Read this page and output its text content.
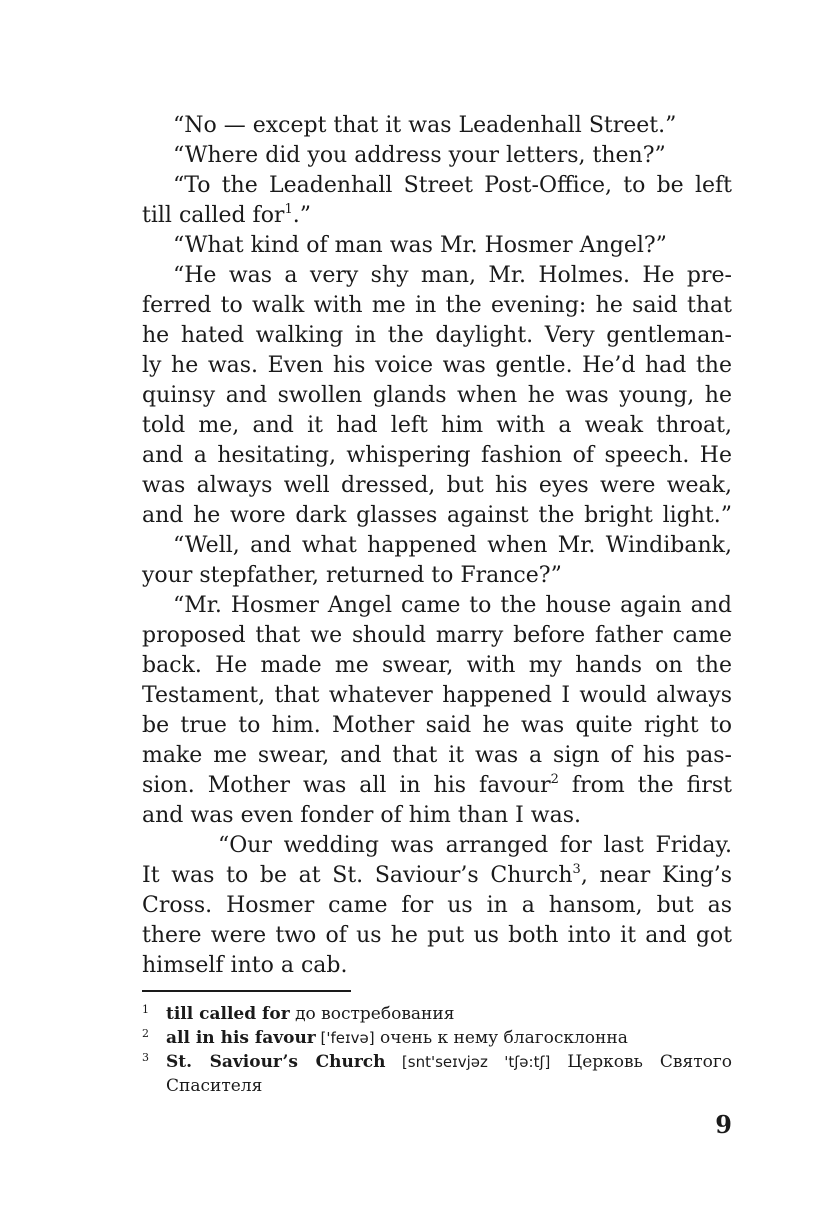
“No — except that it was Leadenhall Street.”
“Where did you address your letters, then?”
“To the Leadenhall Street Post-Office, to be left
till called for$^1$.”
“What kind of man was Mr. Hosmer Angel?”
“He was a very shy man, Mr. Holmes. He pre-
ferred to walk with me in the evening: he said that
he hated walking in the daylight. Very gentleman-
ly he was. Even his voice was gentle. He’d had the
quinsy and swollen glands when he was young, he
told me, and it had left him with a weak throat,
and a hesitating, whispering fashion of speech. He
was always well dressed, but his eyes were weak,
and he wore dark glasses against the bright light.”
“Well, and what happened when Mr. Windibank,
your stepfather, returned to France?”
“Mr. Hosmer Angel came to the house again and
proposed that we should marry before father came
back. He made me swear, with my hands on the
Testament, that whatever happened I would always
be true to him. Mother said he was quite right to
make me swear, and that it was a sign of his pas-
sion. Mother was all in his favour$^2$ from the first
and was even fonder of him than I was.
“Our wedding was arranged for last Friday.
It was to be at St. Saviour’s Church$^3$, near King’s
Cross. Hosmer came for us in a hansom, but as
there were two of us he put us both into it and got
himself into a cab.
1 till called for до востребования
2 all in his favour ['feɪvə] очень к нему благосклонна
3 St. Saviour’s Church [snt'seɪvjəz 'tʃə:tʃ] Церковь Святого
Спасителя
9
